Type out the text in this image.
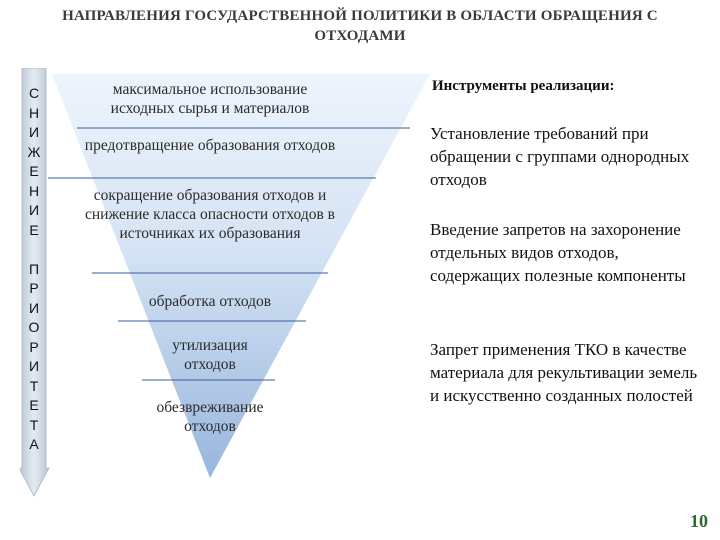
НАПРАВЛЕНИЯ ГОСУДАРСТВЕННОЙ ПОЛИТИКИ В ОБЛАСТИ ОБРАЩЕНИЯ С
ОТХОДАМИ
С
Н
И
Ж
Е
Н
И
Е
П
Р
И
О
Р
И
Т
Е
Т
А
максимальное использование исходных сырья и материалов
предотвращение образования отходов
сокращение образования отходов и снижение класса опасности отходов в источниках их образования
обработка отходов
утилизация отходов
обезвреживание отходов
Инструменты реализации:
Установление требований при обращении с группами однородных отходов
Введение запретов на захоронение отдельных видов отходов, содержащих полезные компоненты
Запрет применения ТКО в качестве материала для рекультивации земель и искусственно созданных полостей
10
